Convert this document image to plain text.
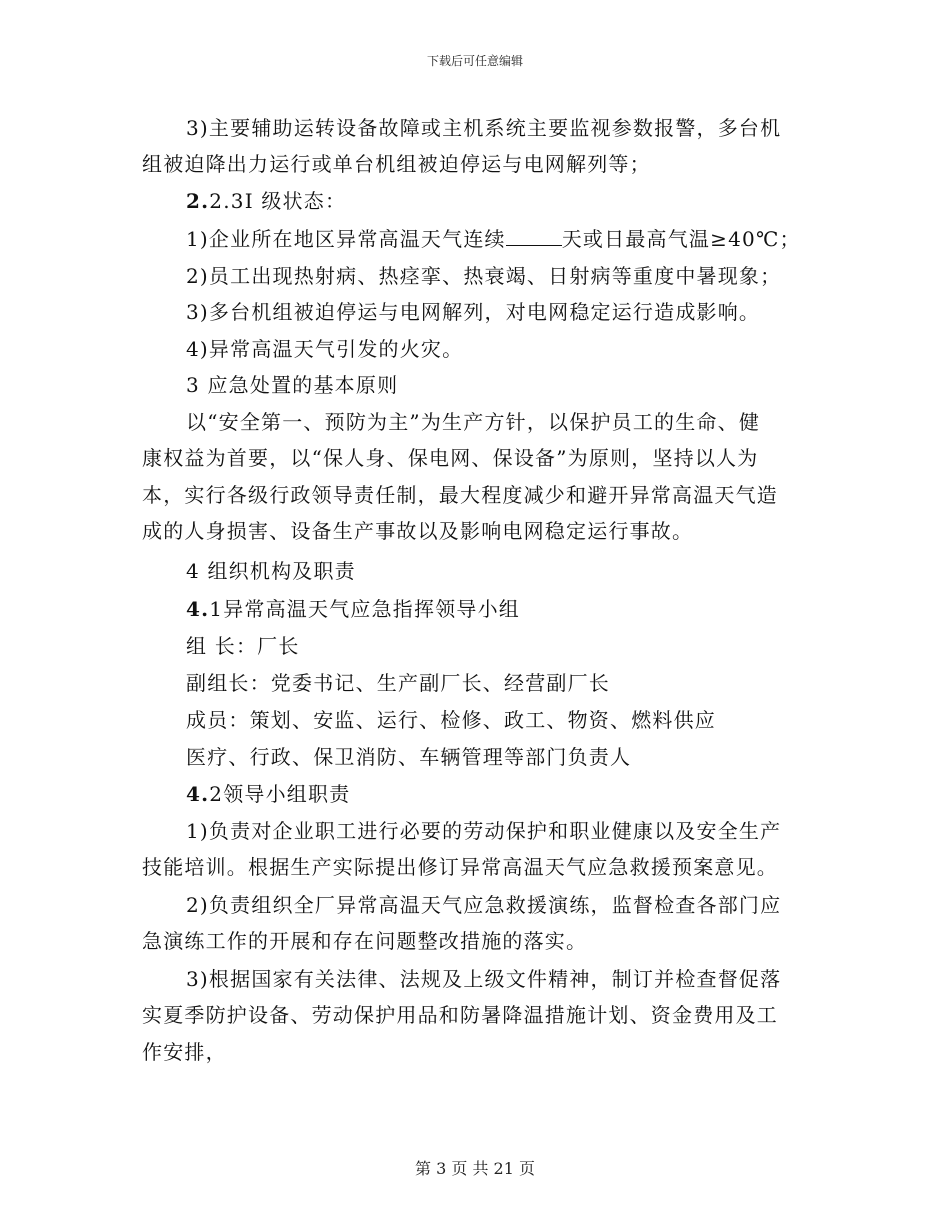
下载后可任意编辑
3)主要辅助运转设备故障或主机系统主要监视参数报警，多台机
组被迫降出力运行或单台机组被迫停运与电网解列等；
2.2.3Ⅰ 级状态：
1)企业所在地区异常高温天气连续	天或日最高气温≥40℃；
2)员工出现热射病、热痉挛、热衰竭、日射病等重度中暑现象；
3)多台机组被迫停运与电网解列，对电网稳定运行造成影响。
4)异常高温天气引发的火灾。
3 应急处置的基本原则
以“安全第一、预防为主”为生产方针，以保护员工的生命、健
康权益为首要，以“保人身、保电网、保设备”为原则，坚持以人为
本，实行各级行政领导责任制，最大程度减少和避开异常高温天气造
成的人身损害、设备生产事故以及影响电网稳定运行事故。
4 组织机构及职责
4.1异常高温天气应急指挥领导小组
组 长：厂长
副组长：党委书记、生产副厂长、经营副厂长
成员：策划、安监、运行、检修、政工、物资、燃料供应
医疗、行政、保卫消防、车辆管理等部门负责人
4.2领导小组职责
1)负责对企业职工进行必要的劳动保护和职业健康以及安全生产
技能培训。根据生产实际提出修订异常高温天气应急救援预案意见。
2)负责组织全厂异常高温天气应急救援演练，监督检查各部门应
急演练工作的开展和存在问题整改措施的落实。
3)根据国家有关法律、法规及上级文件精神，制订并检查督促落
实夏季防护设备、劳动保护用品和防暑降温措施计划、资金费用及工
作安排，
第 3 页 共 21 页
